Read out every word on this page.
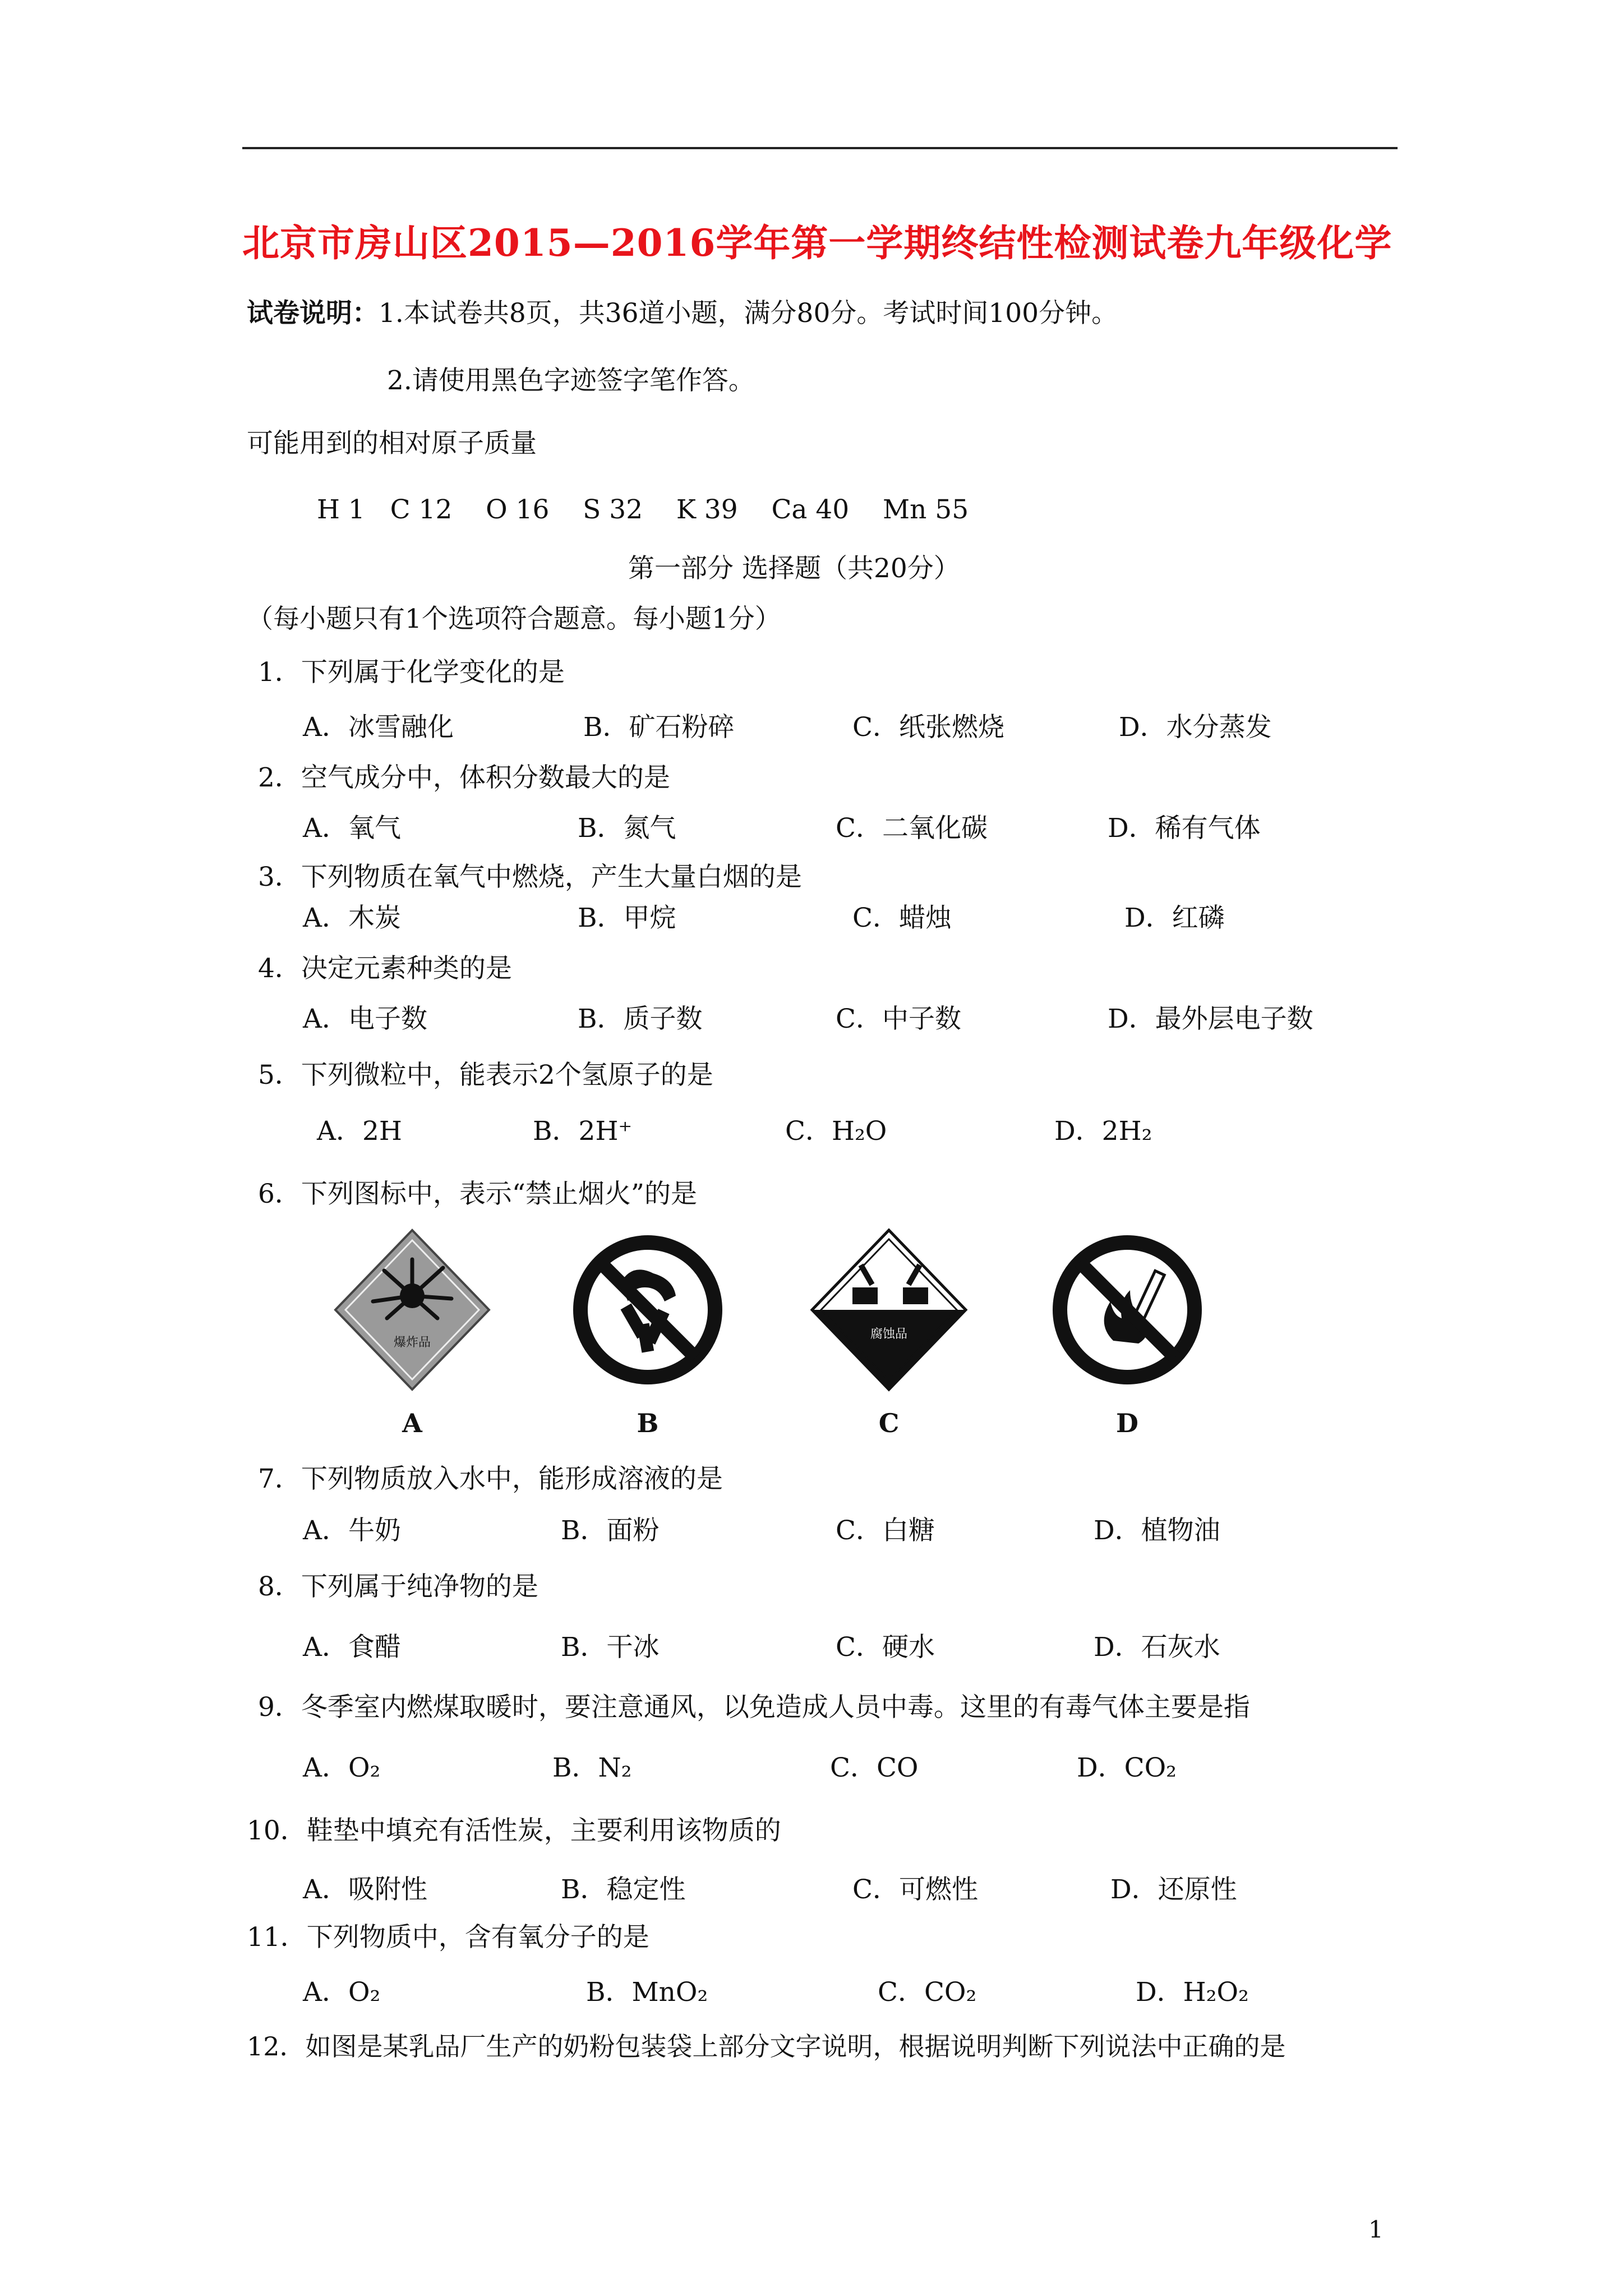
北京市房山区2015—2016学年第一学期终结性检测试卷九年级化学
试卷说明：1.本试卷共8页，共36道小题，满分80分。考试时间100分钟。
2.请使用黑色字迹签字笔作答。
可能用到的相对原子质量
H 1   C 12    O 16    S 32    K 39    Ca 40    Mn 55
第一部分 选择题（共20分）
（每小题只有1个选项符合题意。每小题1分）
1．下列属于化学变化的是
A．冰雪融化	B．矿石粉碎	C．纸张燃烧	D．水分蒸发
2．空气成分中，体积分数最大的是
A．氧气	B．氮气	C．二氧化碳	D．稀有气体
3．下列物质在氧气中燃烧，产生大量白烟的是
A．木炭	B．甲烷	C．蜡烛	D．红磷
4．决定元素种类的是
A．电子数	B．质子数	C．中子数	D．最外层电子数
5．下列微粒中，能表示2个氢原子的是
A．2H	B．2H⁺	C．H₂O	D．2H₂
6．下列图标中，表示“禁止烟火”的是
爆炸品
腐蚀品
A	B	C	D
7．下列物质放入水中，能形成溶液的是
A．牛奶	B．面粉	C．白糖	D．植物油
8．下列属于纯净物的是
A．食醋	B．干冰	C．硬水	D．石灰水
9．冬季室内燃煤取暖时，要注意通风，以免造成人员中毒。这里的有毒气体主要是指
A．O₂	B．N₂	C．CO	D．CO₂
10．鞋垫中填充有活性炭，主要利用该物质的
A．吸附性	B．稳定性	C．可燃性	D．还原性
11．下列物质中，含有氧分子的是
A．O₂	B．MnO₂	C．CO₂	D．H₂O₂
12．如图是某乳品厂生产的奶粉包装袋上部分文字说明，根据说明判断下列说法中正确的是
1
